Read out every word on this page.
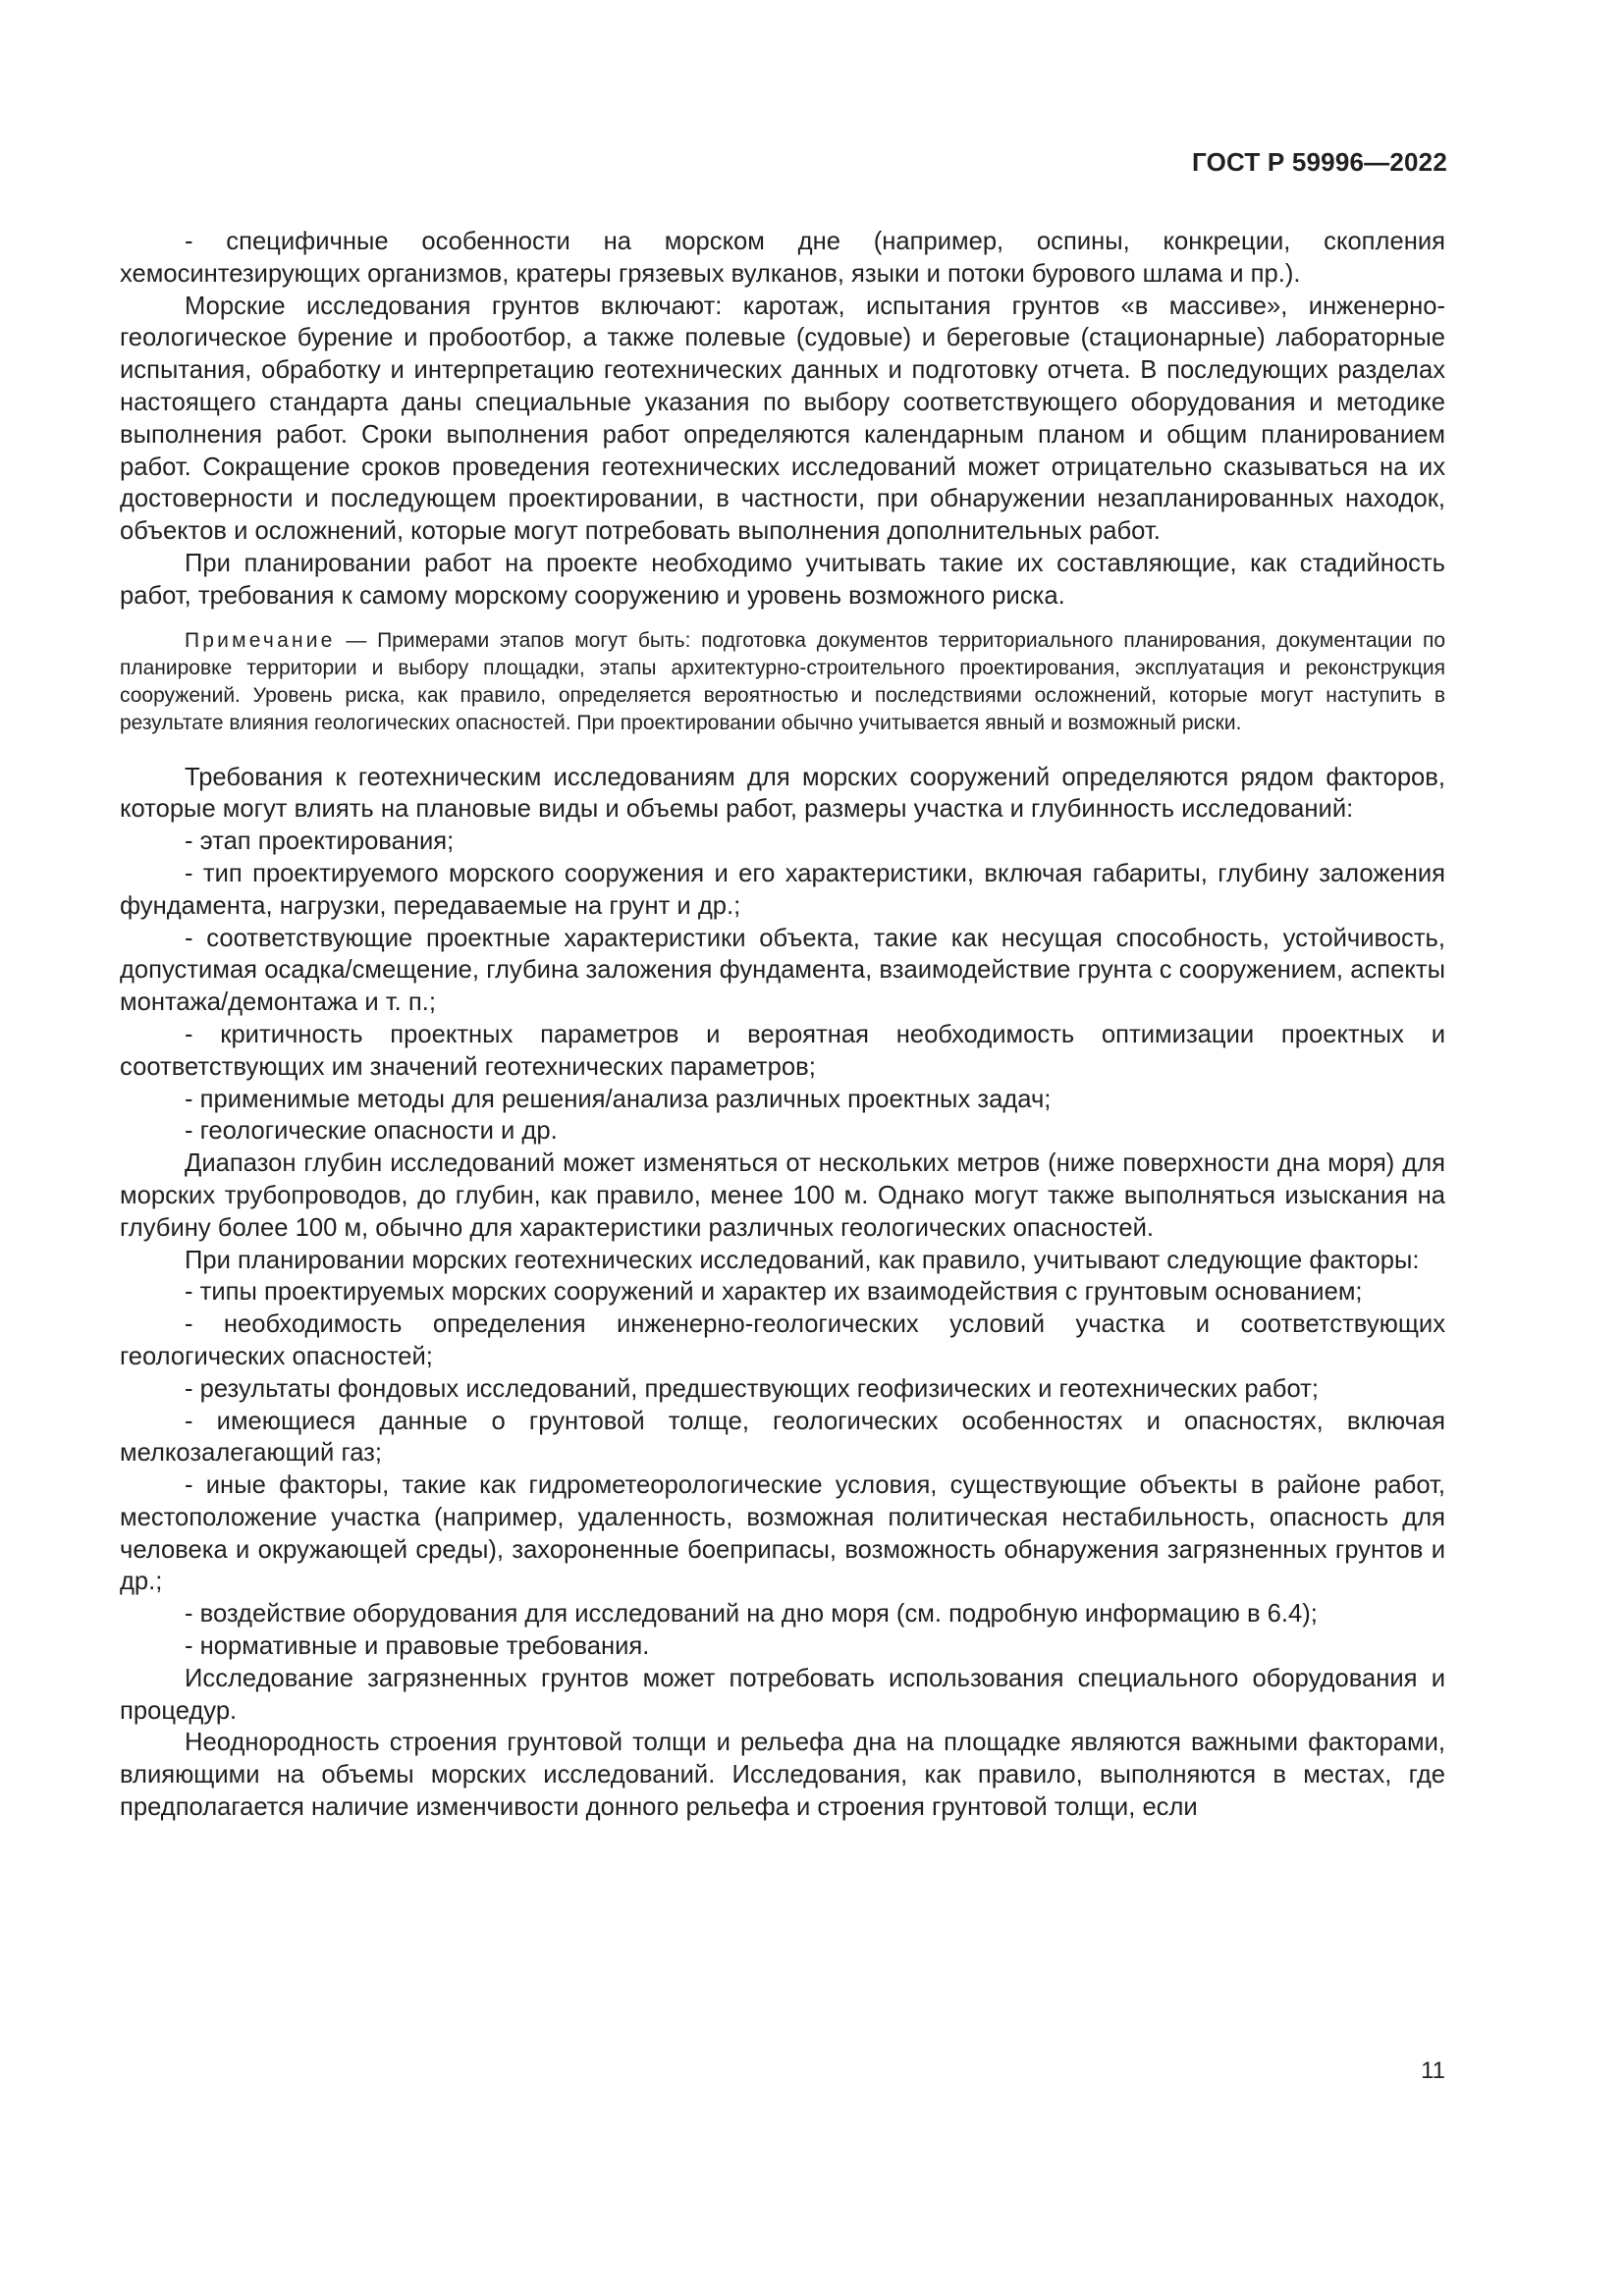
ГОСТ Р 59996—2022

- специфичные особенности на морском дне (например, оспины, конкреции, скопления хемосинтезирующих организмов, кратеры грязевых вулканов, языки и потоки бурового шлама и пр.).

Морские исследования грунтов включают: каротаж, испытания грунтов «в массиве», инженерно-геологическое бурение и пробоотбор, а также полевые (судовые) и береговые (стационарные) лабораторные испытания, обработку и интерпретацию геотехнических данных и подготовку отчета. В последующих разделах настоящего стандарта даны специальные указания по выбору соответствующего оборудования и методике выполнения работ. Сроки выполнения работ определяются календарным планом и общим планированием работ. Сокращение сроков проведения геотехнических исследований может отрицательно сказываться на их достоверности и последующем проектировании, в частности, при обнаружении незапланированных находок, объектов и осложнений, которые могут потребовать выполнения дополнительных работ.

При планировании работ на проекте необходимо учитывать такие их составляющие, как стадийность работ, требования к самому морскому сооружению и уровень возможного риска.

Примечание — Примерами этапов могут быть: подготовка документов территориального планирования, документации по планировке территории и выбору площадки, этапы архитектурно-строительного проектирования, эксплуатация и реконструкция сооружений. Уровень риска, как правило, определяется вероятностью и последствиями осложнений, которые могут наступить в результате влияния геологических опасностей. При проектировании обычно учитывается явный и возможный риски.

Требования к геотехническим исследованиям для морских сооружений определяются рядом факторов, которые могут влиять на плановые виды и объемы работ, размеры участка и глубинность исследований:

- этап проектирования;

- тип проектируемого морского сооружения и его характеристики, включая габариты, глубину заложения фундамента, нагрузки, передаваемые на грунт и др.;

- соответствующие проектные характеристики объекта, такие как несущая способность, устойчивость, допустимая осадка/смещение, глубина заложения фундамента, взаимодействие грунта с сооружением, аспекты монтажа/демонтажа и т. п.;

- критичность проектных параметров и вероятная необходимость оптимизации проектных и соответствующих им значений геотехнических параметров;

- применимые методы для решения/анализа различных проектных задач;

- геологические опасности и др.

Диапазон глубин исследований может изменяться от нескольких метров (ниже поверхности дна моря) для морских трубопроводов, до глубин, как правило, менее 100 м. Однако могут также выполняться изыскания на глубину более 100 м, обычно для характеристики различных геологических опасностей.

При планировании морских геотехнических исследований, как правило, учитывают следующие факторы:

- типы проектируемых морских сооружений и характер их взаимодействия с грунтовым основанием;

- необходимость определения инженерно-геологических условий участка и соответствующих геологических опасностей;

- результаты фондовых исследований, предшествующих геофизических и геотехнических работ;

- имеющиеся данные о грунтовой толще, геологических особенностях и опасностях, включая мелкозалегающий газ;

- иные факторы, такие как гидрометеорологические условия, существующие объекты в районе работ, местоположение участка (например, удаленность, возможная политическая нестабильность, опасность для человека и окружающей среды), захороненные боеприпасы, возможность обнаружения загрязненных грунтов и др.;

- воздействие оборудования для исследований на дно моря (см. подробную информацию в 6.4);

- нормативные и правовые требования.

Исследование загрязненных грунтов может потребовать использования специального оборудования и процедур.

Неоднородность строения грунтовой толщи и рельефа дна на площадке являются важными факторами, влияющими на объемы морских исследований. Исследования, как правило, выполняются в местах, где предполагается наличие изменчивости донного рельефа и строения грунтовой толщи, если

11
